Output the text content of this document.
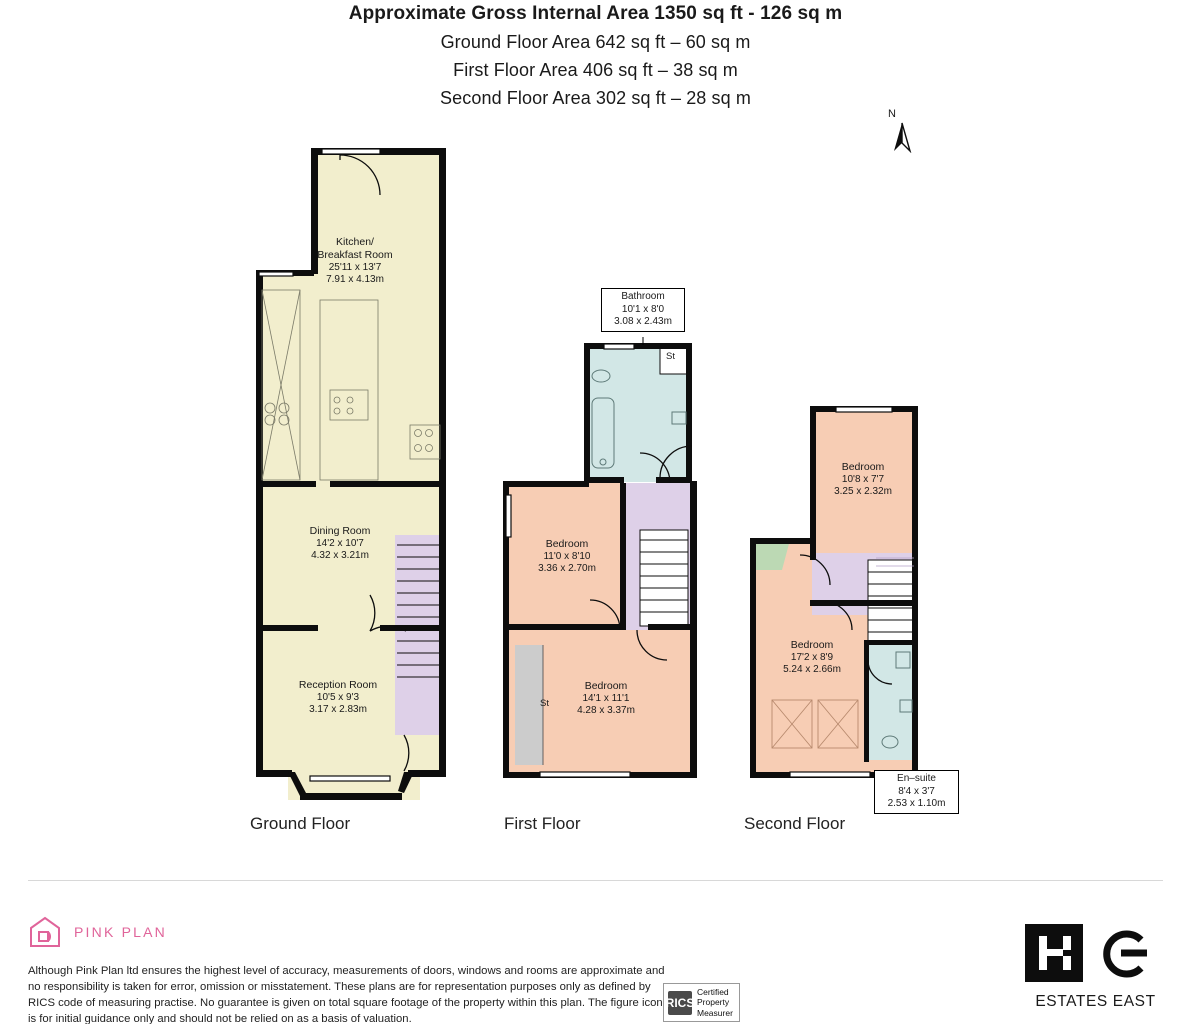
Approximate Gross Internal Area 1350 sq ft - 126 sq m
Ground Floor Area 642 sq ft – 60 sq m
First Floor Area 406 sq ft – 38 sq m
Second Floor Area 302 sq ft – 28 sq m
N
Kitchen/
Breakfast Room
25'11 x 13'7
7.91 x 4.13m
Dining Room
14'2 x 10'7
4.32 x 3.21m
Reception Room
10'5 x 9'3
3.17 x 2.83m
Bathroom
10'1 x 8'0
3.08 x 2.43m
Bedroom
11'0 x 8'10
3.36 x 2.70m
Bedroom
14'1 x 11'1
4.28 x 3.37m
Bedroom
10'8 x 7'7
3.25 x 2.32m
Bedroom
17'2 x 8'9
5.24 x 2.66m
En–suite
8'4 x 3'7
2.53 x 1.10m
St
St
Ground Floor	First Floor	Second Floor
PINK PLAN
Although Pink Plan ltd ensures the highest level of accuracy, measurements of doors, windows and rooms are approximate and no responsibility is taken for error, omission or misstatement. These plans are for representation purposes only as defined by RICS code of measuring practise. No guarantee is given on total square footage of the property within this plan. The figure icon is for initial guidance only and should not be relied on as a basis of valuation.
RICS
Certified
Property
Measurer
ESTATES EAST
